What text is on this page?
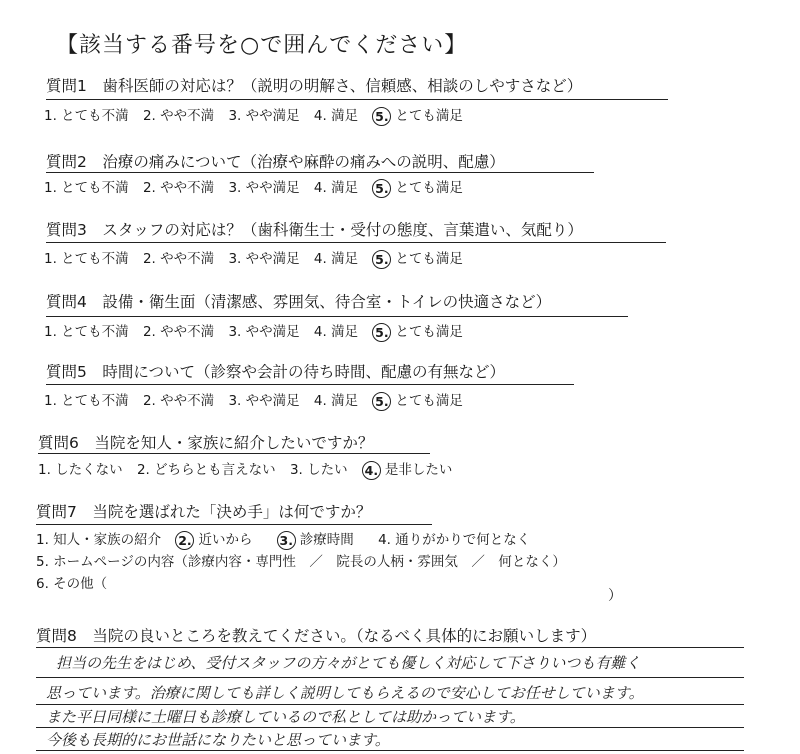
【該当する番号を○で囲んでください】
質問1　歯科医師の対応は？（説明の明解さ、信頼感、相談のしやすさなど）
1. とても不満 2. やや不満 3. やや満足 4. 満足 5. とても満足
質問2　治療の痛みについて（治療や麻酔の痛みへの説明、配慮）
1. とても不満 2. やや不満 3. やや満足 4. 満足 5. とても満足
質問3　スタッフの対応は？（歯科衛生士・受付の態度、言葉遣い、気配り）
1. とても不満 2. やや不満 3. やや満足 4. 満足 5. とても満足
質問4　設備・衛生面（清潔感、雰囲気、待合室・トイレの快適さなど）
1. とても不満 2. やや不満 3. やや満足 4. 満足 5. とても満足
質問5　時間について（診察や会計の待ち時間、配慮の有無など）
1. とても不満 2. やや不満 3. やや満足 4. 満足 5. とても満足
質問6　当院を知人・家族に紹介したいですか？
1. したくない 2. どちらとも言えない 3. したい 4. 是非したい
質問7　当院を選ばれた「決め手」は何ですか？
1. 知人・家族の紹介 2. 近いから 3. 診療時間 4. 通りがかりで何となく
5. ホームページの内容（診療内容・専門性　／　院長の人柄・雰囲気　／　何となく）
6. その他（
）
質問8　当院の良いところを教えてください。（なるべく具体的にお願いします）
担当の先生をはじめ、受付スタッフの方々がとても優しく対応して下さりいつも有難く
思っています。治療に関しても詳しく説明してもらえるので安心してお任せしています。
また平日同様に土曜日も診療しているので私としては助かっています。
今後も長期的にお世話になりたいと思っています。
